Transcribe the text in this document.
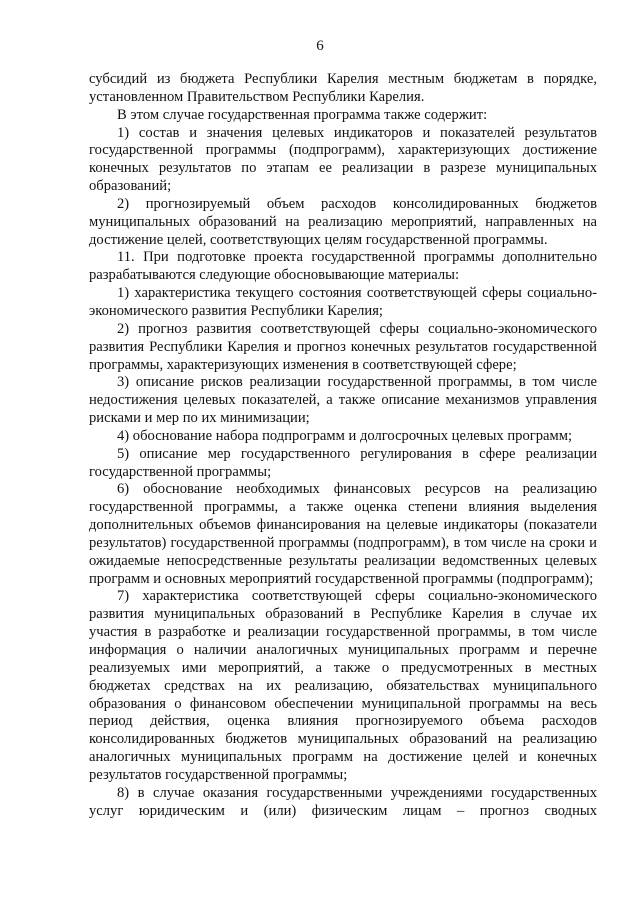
6

субсидий из бюджета Республики Карелия местным бюджетам в порядке, установленном Правительством Республики Карелия.

В этом случае государственная программа также содержит:

1) состав и значения целевых индикаторов и показателей результатов государственной программы (подпрограмм), характеризующих достижение конечных результатов по этапам ее реализации в разрезе муниципальных образований;

2) прогнозируемый объем расходов консолидированных бюджетов муниципальных образований на реализацию мероприятий, направленных на достижение целей, соответствующих целям государственной программы.

11. При подготовке проекта государственной программы дополнительно разрабатываются следующие обосновывающие материалы:

1) характеристика текущего состояния соответствующей сферы социально-экономического развития Республики Карелия;

2) прогноз развития соответствующей сферы социально-экономического развития Республики Карелия и прогноз конечных результатов государственной программы, характеризующих изменения в соответствующей сфере;

3) описание рисков реализации государственной программы, в том числе недостижения целевых показателей, а также описание механизмов управления рисками и мер по их минимизации;

4) обоснование набора подпрограмм и долгосрочных целевых программ;

5) описание мер государственного регулирования в сфере реализации государственной программы;

6) обоснование необходимых финансовых ресурсов на реализацию государственной программы, а также оценка степени влияния выделения дополнительных объемов финансирования на целевые индикаторы (показатели результатов) государственной программы (подпрограмм), в том числе на сроки и ожидаемые непосредственные результаты реализации ведомственных целевых программ и основных мероприятий государственной программы (подпрограмм);

7) характеристика соответствующей сферы социально-экономического развития муниципальных образований в Республике Карелия в случае их участия в разработке и реализации государственной программы, в том числе информация о наличии аналогичных муниципальных программ и перечне реализуемых ими мероприятий, а также о предусмотренных в местных бюджетах средствах на их реализацию, обязательствах муниципального образования о финансовом обеспечении муниципальной программы на весь период действия, оценка влияния прогнозируемого объема расходов консолидированных бюджетов муниципальных образований на реализацию аналогичных муниципальных программ на достижение целей и конечных результатов государственной программы;

8) в случае оказания государственными учреждениями государственных услуг юридическим и (или) физическим лицам – прогноз сводных
